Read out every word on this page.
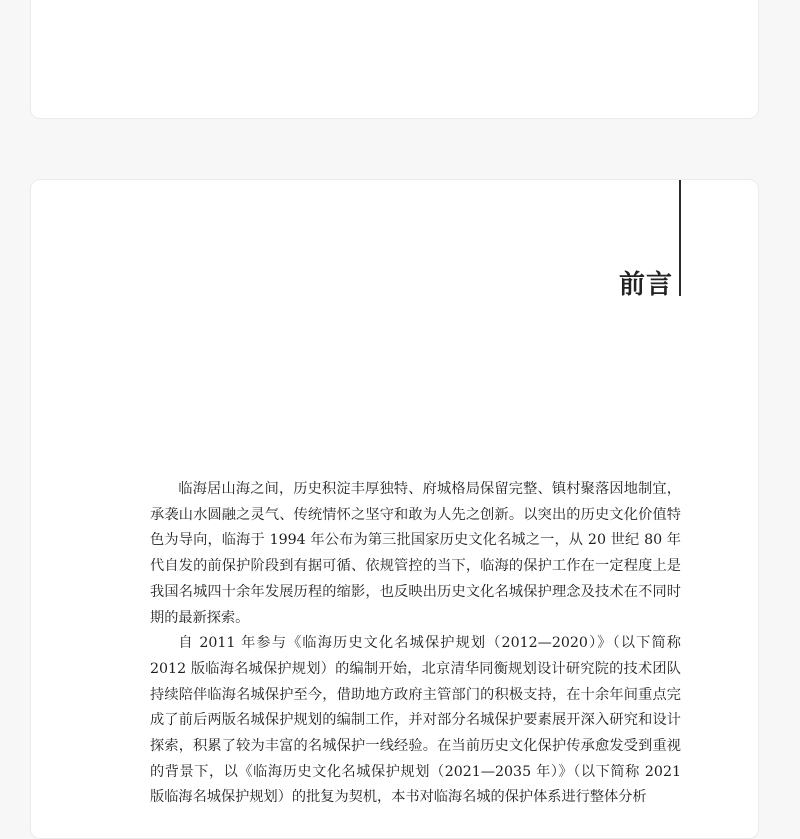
前言

临海居山海之间，历史积淀丰厚独特、府城格局保留完整、镇村聚落因地制宜，承袭山水圆融之灵气、传统情怀之坚守和敢为人先之创新。以突出的历史文化价值特色为导向，临海于 1994 年公布为第三批国家历史文化名城之一，从 20 世纪 80 年代自发的前保护阶段到有据可循、依规管控的当下，临海的保护工作在一定程度上是我国名城四十余年发展历程的缩影，也反映出历史文化名城保护理念及技术在不同时期的最新探索。

自 2011 年参与《临海历史文化名城保护规划（2012—2020）》（以下简称 2012 版临海名城保护规划）的编制开始，北京清华同衡规划设计研究院的技术团队持续陪伴临海名城保护至今，借助地方政府主管部门的积极支持，在十余年间重点完成了前后两版名城保护规划的编制工作，并对部分名城保护要素展开深入研究和设计探索，积累了较为丰富的名城保护一线经验。在当前历史文化保护传承愈发受到重视的背景下，以《临海历史文化名城保护规划（2021—2035 年）》（以下简称 2021 版临海名城保护规划）的批复为契机，本书对临海名城的保护体系进行整体分析
